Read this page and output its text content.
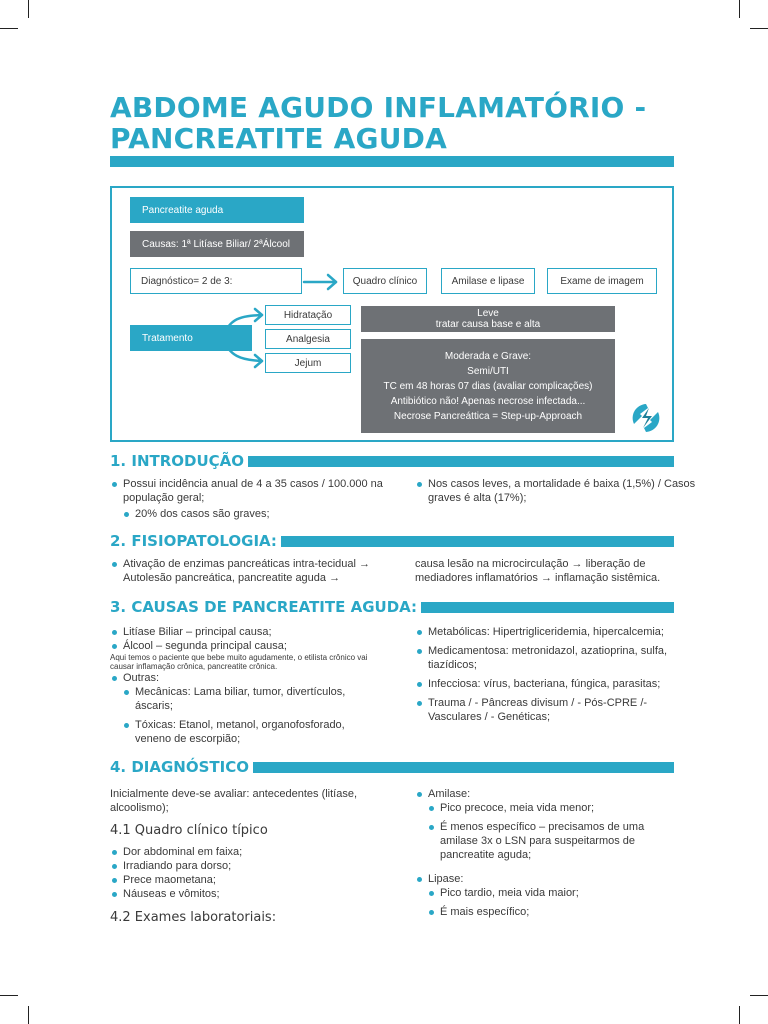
ABDOME AGUDO INFLAMATÓRIO -
PANCREATITE AGUDA
Pancreatite aguda
Causas: 1ª Litíase Biliar/ 2ªÁlcool
Diagnóstico= 2 de 3:	Quadro clínico	Amilase e lipase	Exame de imagem
Tratamento
Hidratação
Analgesia
Jejum
Leve
tratar causa base e alta
Moderada e Grave:
Semi/UTI
TC em 48 horas 07 dias (avaliar complicações)
Antibiótico não! Apenas necrose infectada...
Necrose Pancreáttica = Step-up-Approach
1. INTRODUÇÃO
Possui incidência anual de 4 a 35 casos / 100.000 na população geral;
20% dos casos são graves;
Nos casos leves, a mortalidade é baixa (1,5%) / Casos graves é alta (17%);
2. FISIOPATOLOGIA:
Ativação de enzimas pancreáticas intra-tecidual → Autolesão pancreática, pancreatite aguda →
causa lesão na microcirculação → liberação de mediadores inflamatórios → inflamação sistêmica.
3. CAUSAS DE PANCREATITE AGUDA:
Litíase Biliar – principal causa;
Álcool – segunda principal causa;
Aqui temos o paciente que bebe muito agudamente, o etilista crônico vai causar inflamação crônica, pancreatite crônica.
Outras:
Mecânicas: Lama biliar, tumor, divertículos, áscaris;
Tóxicas: Etanol, metanol, organofosforado, veneno de escorpião;
Metabólicas: Hipertrigliceridemia, hipercalcemia;
Medicamentosa: metronidazol, azatioprina, sulfa, tiazídicos;
Infecciosa: vírus, bacteriana, fúngica, parasitas;
Trauma / - Pâncreas divisum / - Pós-CPRE /- Vasculares / - Genéticas;
4. DIAGNÓSTICO
Inicialmente deve-se avaliar: antecedentes (litíase, alcoolismo);
4.1 Quadro clínico típico
Dor abdominal em faixa;
Irradiando para dorso;
Prece maometana;
Náuseas e vômitos;
4.2 Exames laboratoriais:
Amilase:
Pico precoce, meia vida menor;
É menos específico – precisamos de uma amilase 3x o LSN para suspeitarmos de pancreatite aguda;
Lipase:
Pico tardio, meia vida maior;
É mais específico;
